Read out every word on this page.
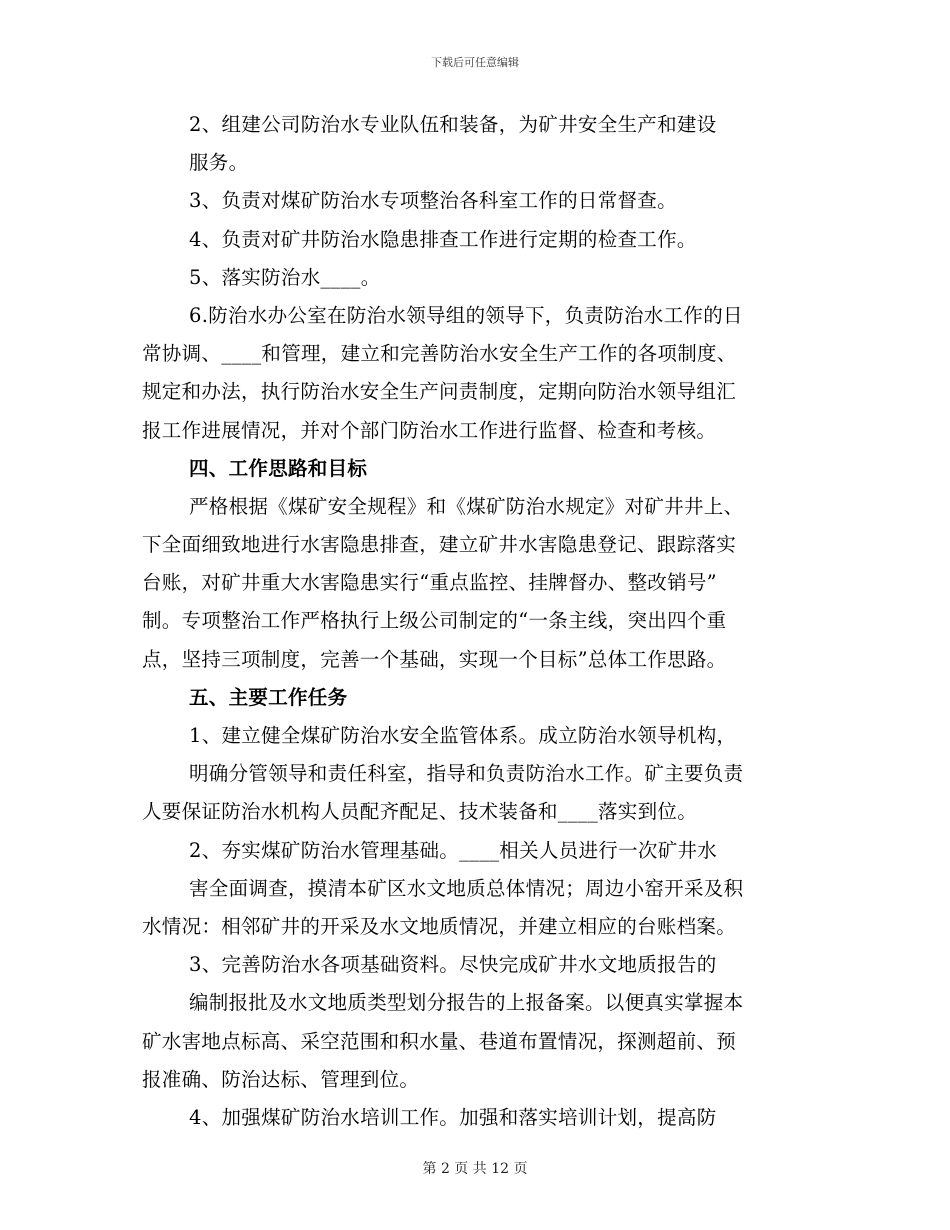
下载后可任意编辑
2、组建公司防治水专业队伍和装备，为矿井安全生产和建设
服务。
3、负责对煤矿防治水专项整治各科室工作的日常督查。
4、负责对矿井防治水隐患排查工作进行定期的检查工作。
5、落实防治水____。
6.防治水办公室在防治水领导组的领导下，负责防治水工作的日
常协调、____和管理，建立和完善防治水安全生产工作的各项制度、
规定和办法，执行防治水安全生产问责制度，定期向防治水领导组汇
报工作进展情况，并对个部门防治水工作进行监督、检查和考核。
四、工作思路和目标
严格根据《煤矿安全规程》和《煤矿防治水规定》对矿井井上、
下全面细致地进行水害隐患排查，建立矿井水害隐患登记、跟踪落实
台账，对矿井重大水害隐患实行“重点监控、挂牌督办、整改销号”
制。专项整治工作严格执行上级公司制定的“一条主线，突出四个重
点，坚持三项制度，完善一个基础，实现一个目标”总体工作思路。
五、主要工作任务
1、建立健全煤矿防治水安全监管体系。成立防治水领导机构，
明确分管领导和责任科室，指导和负责防治水工作。矿主要负责
人要保证防治水机构人员配齐配足、技术装备和____落实到位。
2、夯实煤矿防治水管理基础。____相关人员进行一次矿井水
害全面调查，摸清本矿区水文地质总体情况；周边小窑开采及积
水情况：相邻矿井的开采及水文地质情况，并建立相应的台账档案。
3、完善防治水各项基础资料。尽快完成矿井水文地质报告的
编制报批及水文地质类型划分报告的上报备案。以便真实掌握本
矿水害地点标高、采空范围和积水量、巷道布置情况，探测超前、预
报准确、防治达标、管理到位。
4、加强煤矿防治水培训工作。加强和落实培训计划，提高防
第 2 页 共 12 页
